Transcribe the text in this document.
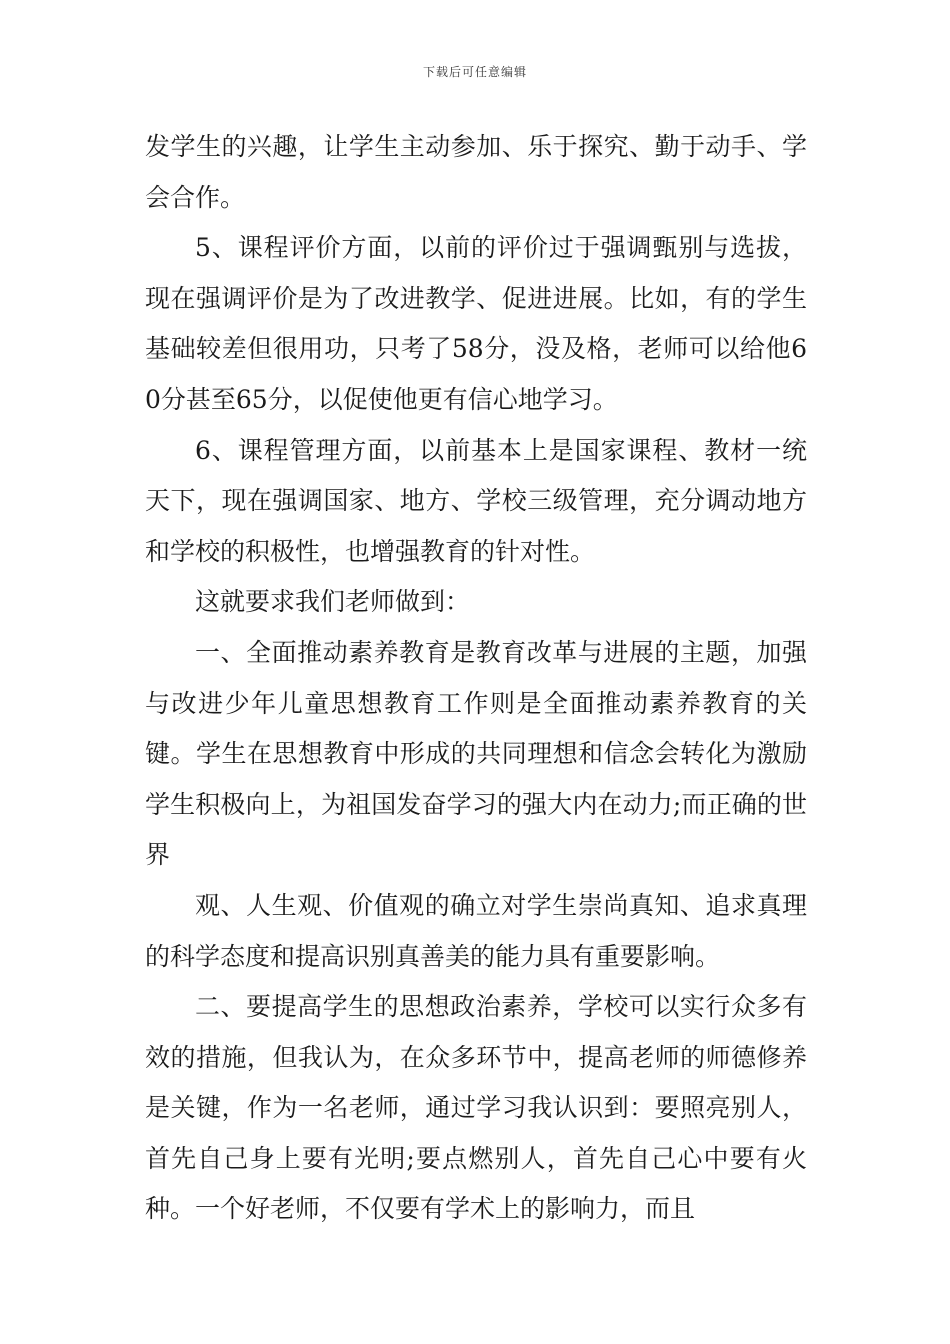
下载后可任意编辑

发学生的兴趣，让学生主动参加、乐于探究、勤于动手、学会合作。

5、课程评价方面，以前的评价过于强调甄别与选拔，现在强调评价是为了改进教学、促进进展。比如，有的学生基础较差但很用功，只考了58分，没及格，老师可以给他60分甚至65分，以促使他更有信心地学习。

6、课程管理方面，以前基本上是国家课程、教材一统天下，现在强调国家、地方、学校三级管理，充分调动地方和学校的积极性，也增强教育的针对性。

这就要求我们老师做到：

一、全面推动素养教育是教育改革与进展的主题，加强与改进少年儿童思想教育工作则是全面推动素养教育的关键。学生在思想教育中形成的共同理想和信念会转化为激励学生积极向上，为祖国发奋学习的强大内在动力;而正确的世界

观、人生观、价值观的确立对学生崇尚真知、追求真理的科学态度和提高识别真善美的能力具有重要影响。

二、要提高学生的思想政治素养，学校可以实行众多有效的措施，但我认为，在众多环节中，提高老师的师德修养是关键，作为一名老师，通过学习我认识到：要照亮别人，首先自己身上要有光明;要点燃别人，首先自己心中要有火种。一个好老师，不仅要有学术上的影响力，而且
